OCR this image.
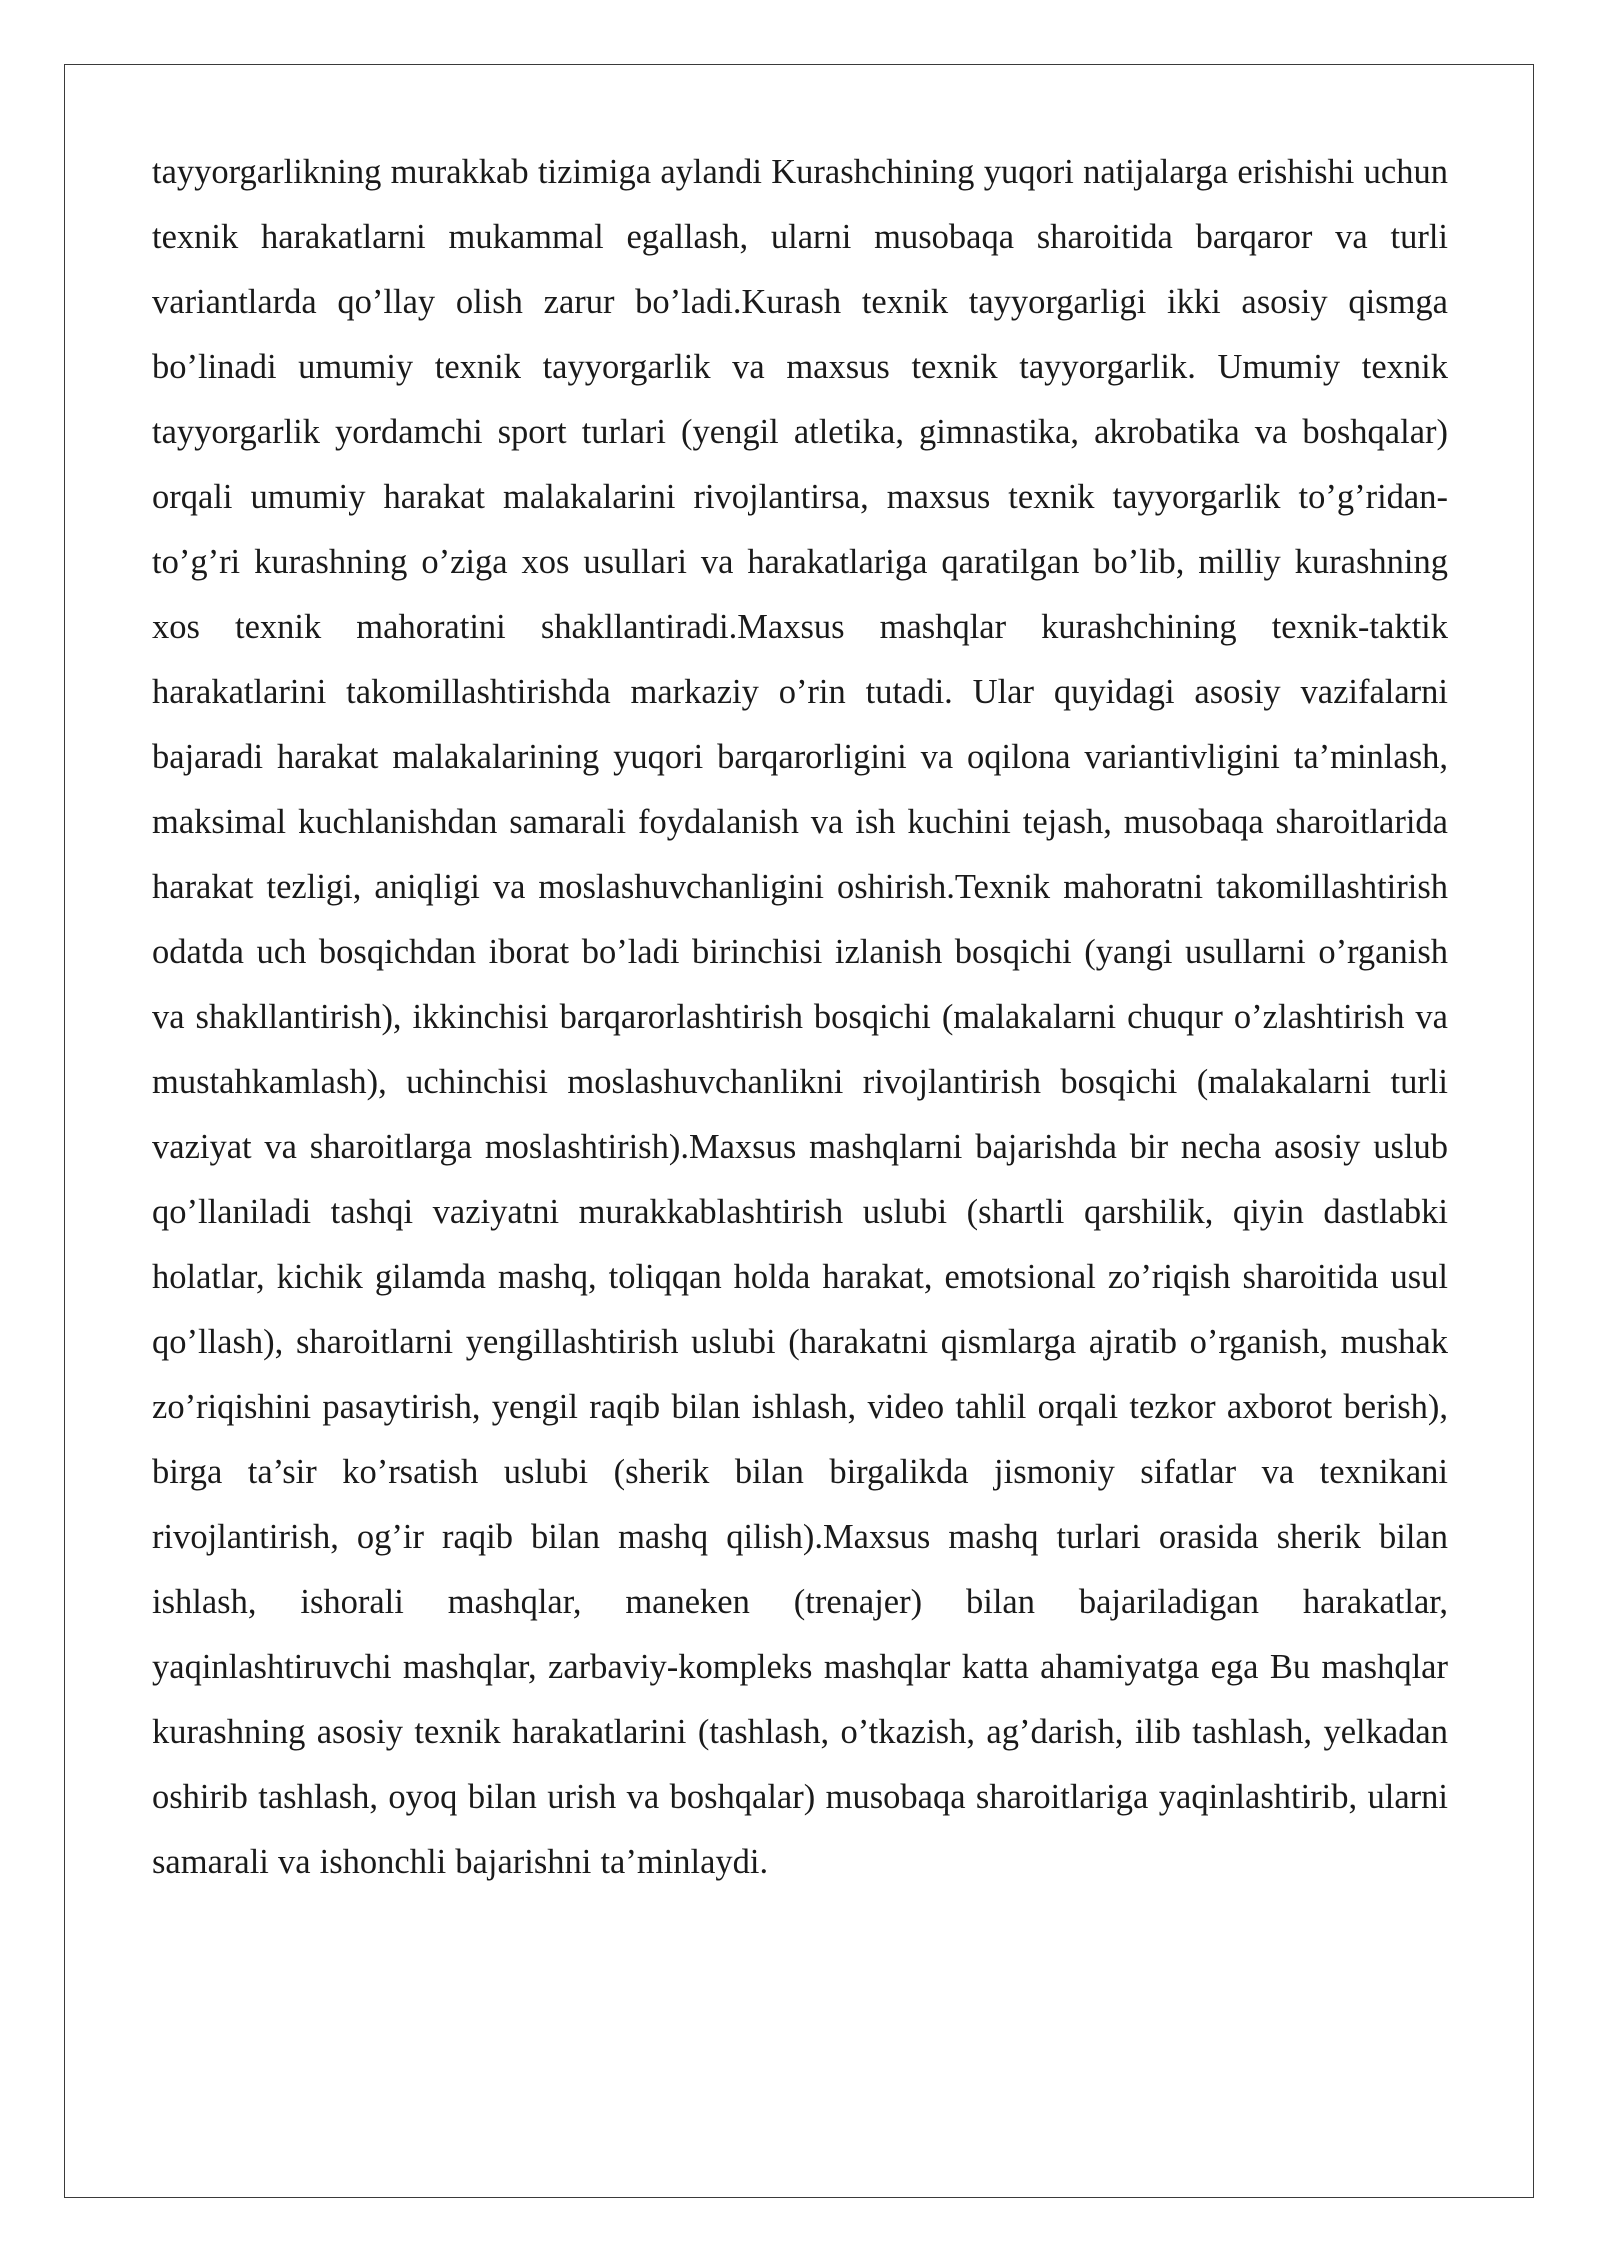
tayyorgarlikning murakkab tizimiga aylandi Kurashchining yuqori natijalarga erishishi uchun texnik harakatlarni mukammal egallash, ularni musobaqa sharoitida barqaror va turli variantlarda qo’llay olish zarur bo’ladi.Kurash texnik tayyorgarligi ikki asosiy qismga bo’linadi umumiy texnik tayyorgarlik va maxsus texnik tayyorgarlik. Umumiy texnik tayyorgarlik yordamchi sport turlari (yengil atletika, gimnastika, akrobatika va boshqalar) orqali umumiy harakat malakalarini rivojlantirsa, maxsus texnik tayyorgarlik to’g’ridan-to’g’ri kurashning o’ziga xos usullari va harakatlariga qaratilgan bo’lib, milliy kurashning xos texnik mahoratini shakllantiradi.Maxsus mashqlar kurashchining texnik-taktik harakatlarini takomillashtirishda markaziy o’rin tutadi. Ular quyidagi asosiy vazifalarni bajaradi harakat malakalarining yuqori barqarorligini va oqilona variantivligini ta’minlash, maksimal kuchlanishdan samarali foydalanish va ish kuchini tejash, musobaqa sharoitlarida harakat tezligi, aniqligi va moslashuvchanligini oshirish.Texnik mahoratni takomillashtirish odatda uch bosqichdan iborat bo’ladi birinchisi izlanish bosqichi (yangi usullarni o’rganish va shakllantirish), ikkinchisi barqarorlashtirish bosqichi (malakalarni chuqur o’zlashtirish va mustahkamlash), uchinchisi moslashuvchanlikni rivojlantirish bosqichi (malakalarni turli vaziyat va sharoitlarga moslashtirish).Maxsus mashqlarni bajarishda bir necha asosiy uslub qo’llaniladi tashqi vaziyatni murakkablashtirish uslubi (shartli qarshilik, qiyin dastlabki holatlar, kichik gilamda mashq, toliqqan holda harakat, emotsional zo’riqish sharoitida usul qo’llash), sharoitlarni yengillashtirish uslubi (harakatni qismlarga ajratib o’rganish, mushak zo’riqishini pasaytirish, yengil raqib bilan ishlash, video tahlil orqali tezkor axborot berish), birga ta’sir ko’rsatish uslubi (sherik bilan birgalikda jismoniy sifatlar va texnikani rivojlantirish, og’ir raqib bilan mashq qilish).Maxsus mashq turlari orasida sherik bilan ishlash, ishorali mashqlar, maneken (trenajer) bilan bajariladigan harakatlar, yaqinlashtiruvchi mashqlar, zarbaviy-kompleks mashqlar katta ahamiyatga ega Bu mashqlar kurashning asosiy texnik harakatlarini (tashlash, o’tkazish, ag’darish, ilib tashlash, yelkadan oshirib tashlash, oyoq bilan urish va boshqalar) musobaqa sharoitlariga yaqinlashtirib, ularni samarali va ishonchli bajarishni ta’minlaydi.
